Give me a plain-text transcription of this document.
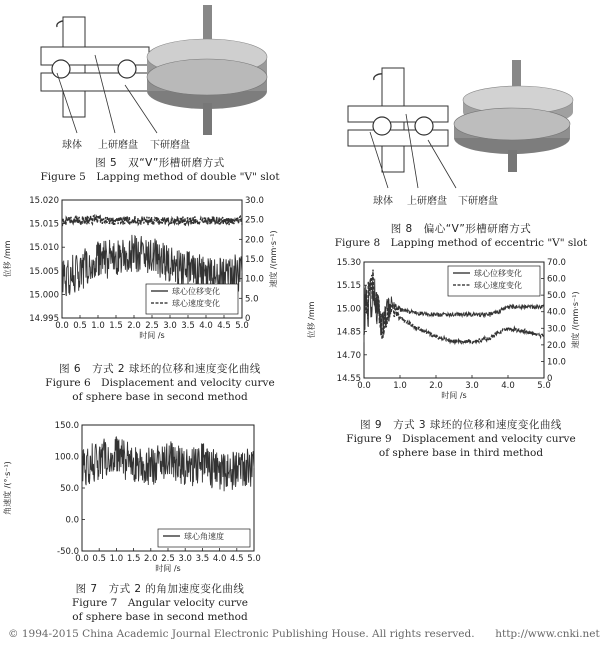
球体 上研磨盘 下研磨盘
图 5　双“V”形槽研磨方式
Figure 5　Lapping method of double "V" slot
球体 上研磨盘 下研磨盘
图 8　偏心“V”形槽研磨方式
Figure 8　Lapping method of eccentric "V" slot
14.995
15.000
15.005
15.010
15.015
15.020
0
5.0
10.0
15.0
20.0
25.0
30.0
0.0 0.5 1.0 1.5 2.0 2.5 3.0 3.5 4.0 4.5 5.0
时间 /s
位移 /mm	速度 /(mm·s⁻¹)
球心位移变化
球心速度变化
图 6　方式 2 球坯的位移和速度变化曲线
Figure 6　Displacement and velocity curve
of sphere base in second method
-50.0
0.0
50.0
100.0
150.0
0.0 0.5 1.0 1.5 2.0 2.5 3.0 3.5 4.0 4.5 5.0
时间 /s
角速度 /(°·s⁻¹)
球心角速度
图 7　方式 2 的角加速度变化曲线
Figure 7　Angular velocity curve
of sphere base in second method
14.55
14.70
14.85
15.00
15.15
15.30
0
10.0
20.0
30.0
40.0
50.0
60.0
70.0
0.0	1.0	2.0	3.0	4.0	5.0
时间 /s
位移 /mm	速度 /(mm·s⁻¹)
球心位移变化
球心速度变化
图 9　方式 3 球坯的位移和速度变化曲线
Figure 9　Displacement and velocity curve
of sphere base in third method
© 1994-2015 China Academic Journal Electronic Publishing House. All rights reserved. http://www.cnki.net
